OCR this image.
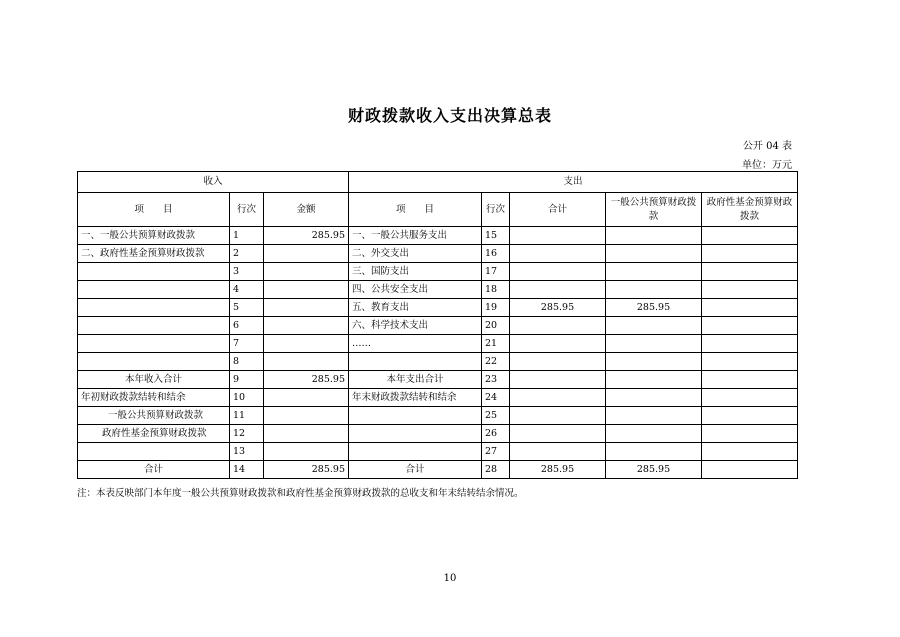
财政拨款收入支出决算总表
公开 04 表
单位：万元
收入			支出				
项　　目	行次	金额	项　　目	行次	合计	一般公共预算财政拨款	政府性基金预算财政拨款
一、一般公共预算财政拨款	1	285.95	一、一般公共服务支出	15			
二、政府性基金预算财政拨款	2		二、外交支出	16			
	3		三、国防支出	17			
	4		四、公共安全支出	18			
	5		五、教育支出	19	285.95	285.95	
	6		六、科学技术支出	20			
	7		……	21			
	8			22			
本年收入合计	9	285.95	本年支出合计	23			
年初财政拨款结转和结余	10		年末财政拨款结转和结余	24			
一般公共预算财政拨款	11			25			
政府性基金预算财政拨款	12			26			
	13			27			
合计	14	285.95	合计	28	285.95	285.95	
注：本表反映部门本年度一般公共预算财政拨款和政府性基金预算财政拨款的总收支和年末结转结余情况。
10
